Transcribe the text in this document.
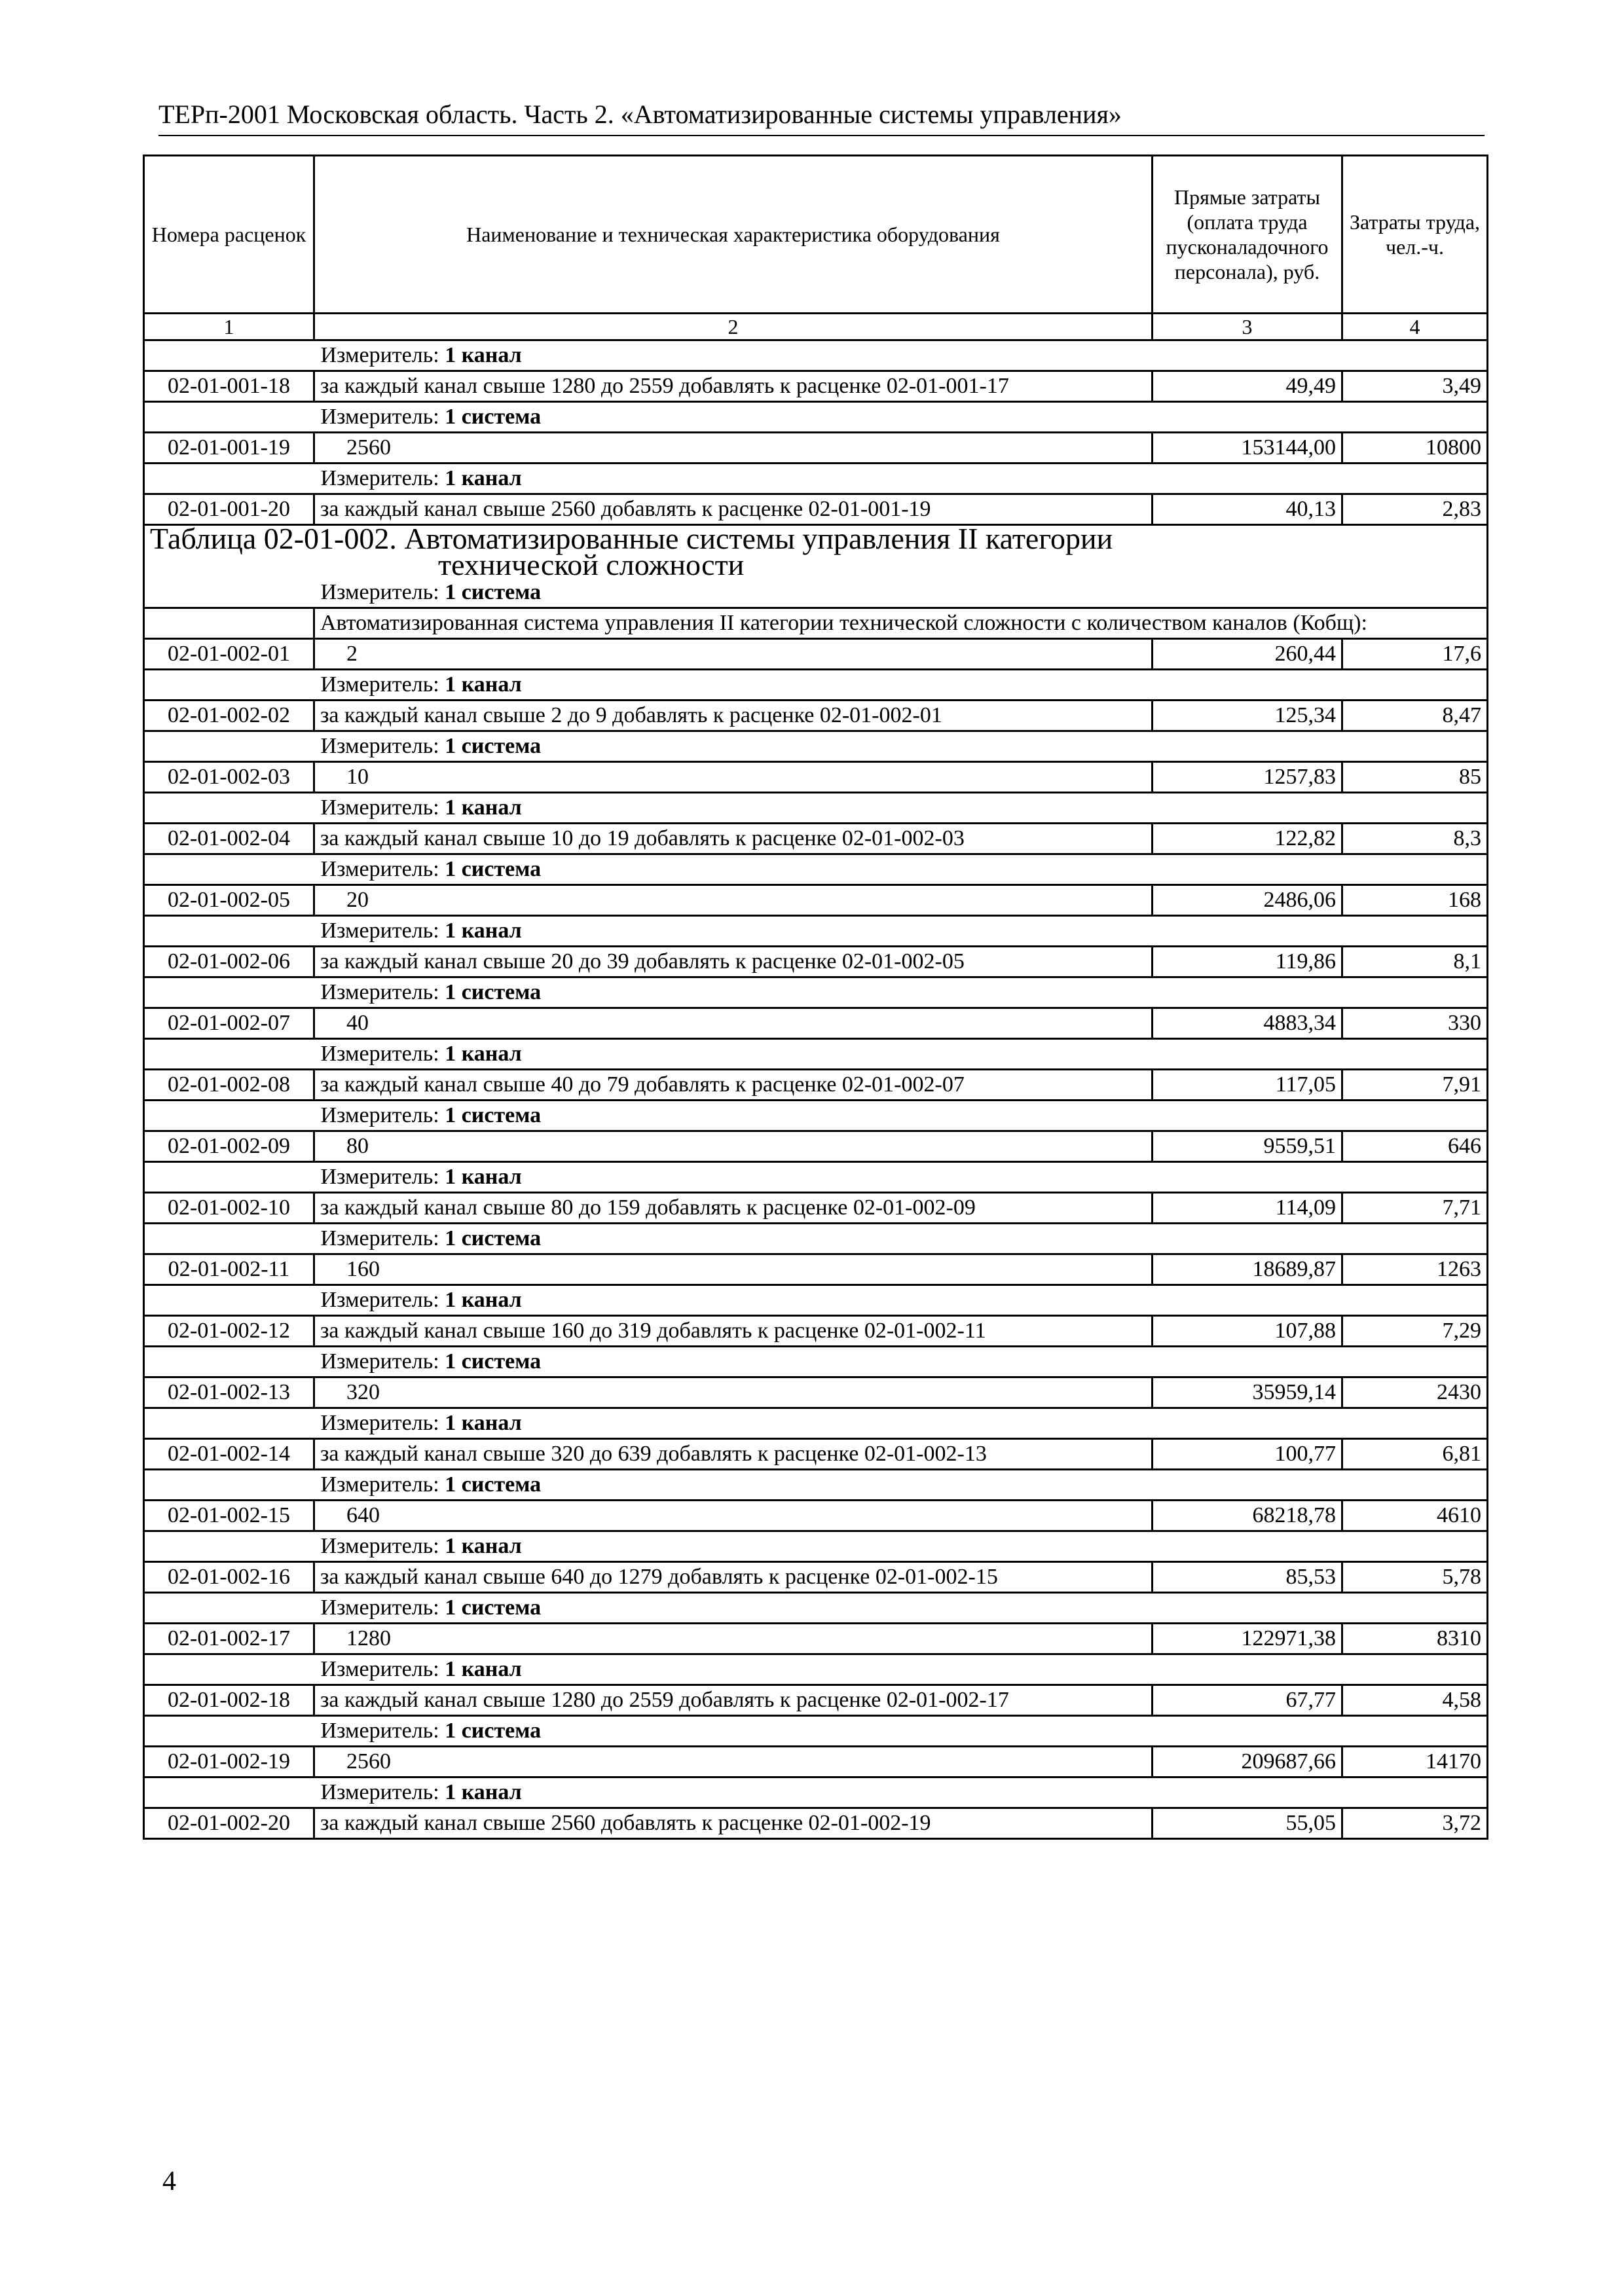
ТЕРп-2001 Московская область. Часть 2. «Автоматизированные системы управления»
Номера расценок	Наименование и техническая характеристика оборудования	Прямые затраты (оплата труда пусконаладочного персонала), руб.	Затраты труда, чел.-ч.
1	2	3	4
	Измеритель: 1 канал		
02-01-001-18	за каждый канал свыше 1280 до 2559 добавлять к расценке 02-01-001-17	49,49	3,49
	Измеритель: 1 система		
02-01-001-19	2560	153144,00	10800
	Измеритель: 1 канал		
02-01-001-20	за каждый канал свыше 2560 добавлять к расценке 02-01-001-19	40,13	2,83
Таблица 02-01-002. Автоматизированные системы управления II категории
технической сложности			

	Измеритель: 1 система		
	Автоматизированная система управления II категории технической сложности с количеством каналов (Кобщ):		
02-01-002-01	2	260,44	17,6
	Измеритель: 1 канал		
02-01-002-02	за каждый канал свыше 2 до 9 добавлять к расценке 02-01-002-01	125,34	8,47
	Измеритель: 1 система		
02-01-002-03	10	1257,83	85
	Измеритель: 1 канал		
02-01-002-04	за каждый канал свыше 10 до 19 добавлять к расценке 02-01-002-03	122,82	8,3
	Измеритель: 1 система		
02-01-002-05	20	2486,06	168
	Измеритель: 1 канал		
02-01-002-06	за каждый канал свыше 20 до 39 добавлять к расценке 02-01-002-05	119,86	8,1
	Измеритель: 1 система		
02-01-002-07	40	4883,34	330
	Измеритель: 1 канал		
02-01-002-08	за каждый канал свыше 40 до 79 добавлять к расценке 02-01-002-07	117,05	7,91
	Измеритель: 1 система		
02-01-002-09	80	9559,51	646
	Измеритель: 1 канал		
02-01-002-10	за каждый канал свыше 80 до 159 добавлять к расценке 02-01-002-09	114,09	7,71
	Измеритель: 1 система		
02-01-002-11	160	18689,87	1263
	Измеритель: 1 канал		
02-01-002-12	за каждый канал свыше 160 до 319 добавлять к расценке 02-01-002-11	107,88	7,29
	Измеритель: 1 система		
02-01-002-13	320	35959,14	2430
	Измеритель: 1 канал		
02-01-002-14	за каждый канал свыше 320 до 639 добавлять к расценке 02-01-002-13	100,77	6,81
	Измеритель: 1 система		
02-01-002-15	640	68218,78	4610
	Измеритель: 1 канал		
02-01-002-16	за каждый канал свыше 640 до 1279 добавлять к расценке 02-01-002-15	85,53	5,78
	Измеритель: 1 система		
02-01-002-17	1280	122971,38	8310
	Измеритель: 1 канал		
02-01-002-18	за каждый канал свыше 1280 до 2559 добавлять к расценке 02-01-002-17	67,77	4,58
	Измеритель: 1 система		
02-01-002-19	2560	209687,66	14170
	Измеритель: 1 канал		
02-01-002-20	за каждый канал свыше 2560 добавлять к расценке 02-01-002-19	55,05	3,72
4
